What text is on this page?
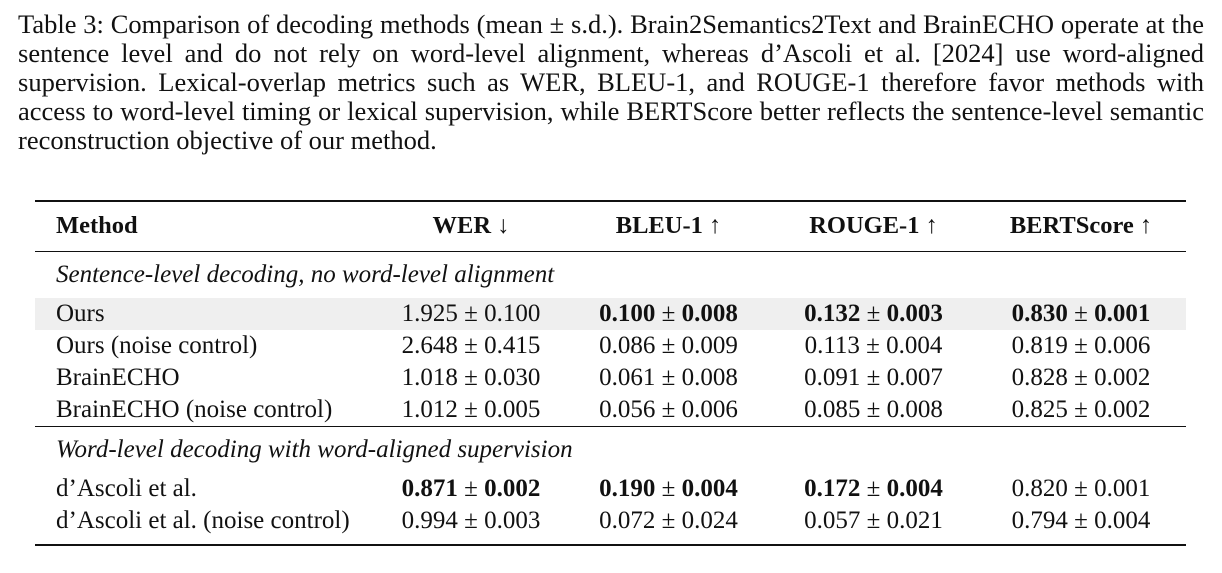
Table 3: Comparison of decoding methods (mean ± s.d.). Brain2Semantics2Text and BrainECHO operate at the sentence level and do not rely on word-level alignment, whereas d’Ascoli et al. [2024] use word-aligned supervision. Lexical-overlap metrics such as WER, BLEU-1, and ROUGE-1 therefore favor methods with access to word-level timing or lexical supervision, while BERTScore better reflects the sentence-level semantic reconstruction objective of our method.

Method	WER ↓	BLEU-1 ↑	ROUGE-1 ↑	BERTScore ↑
Sentence-level decoding, no word-level alignment				
Ours	1.925 ± 0.100	0.100 ± 0.008	0.132 ± 0.003	0.830 ± 0.001
Ours (noise control)	2.648 ± 0.415	0.086 ± 0.009	0.113 ± 0.004	0.819 ± 0.006
BrainECHO	1.018 ± 0.030	0.061 ± 0.008	0.091 ± 0.007	0.828 ± 0.002
BrainECHO (noise control)	1.012 ± 0.005	0.056 ± 0.006	0.085 ± 0.008	0.825 ± 0.002
Word-level decoding with word-aligned supervision				
d’Ascoli et al.	0.871 ± 0.002	0.190 ± 0.004	0.172 ± 0.004	0.820 ± 0.001
d’Ascoli et al. (noise control)	0.994 ± 0.003	0.072 ± 0.024	0.057 ± 0.021	0.794 ± 0.004
